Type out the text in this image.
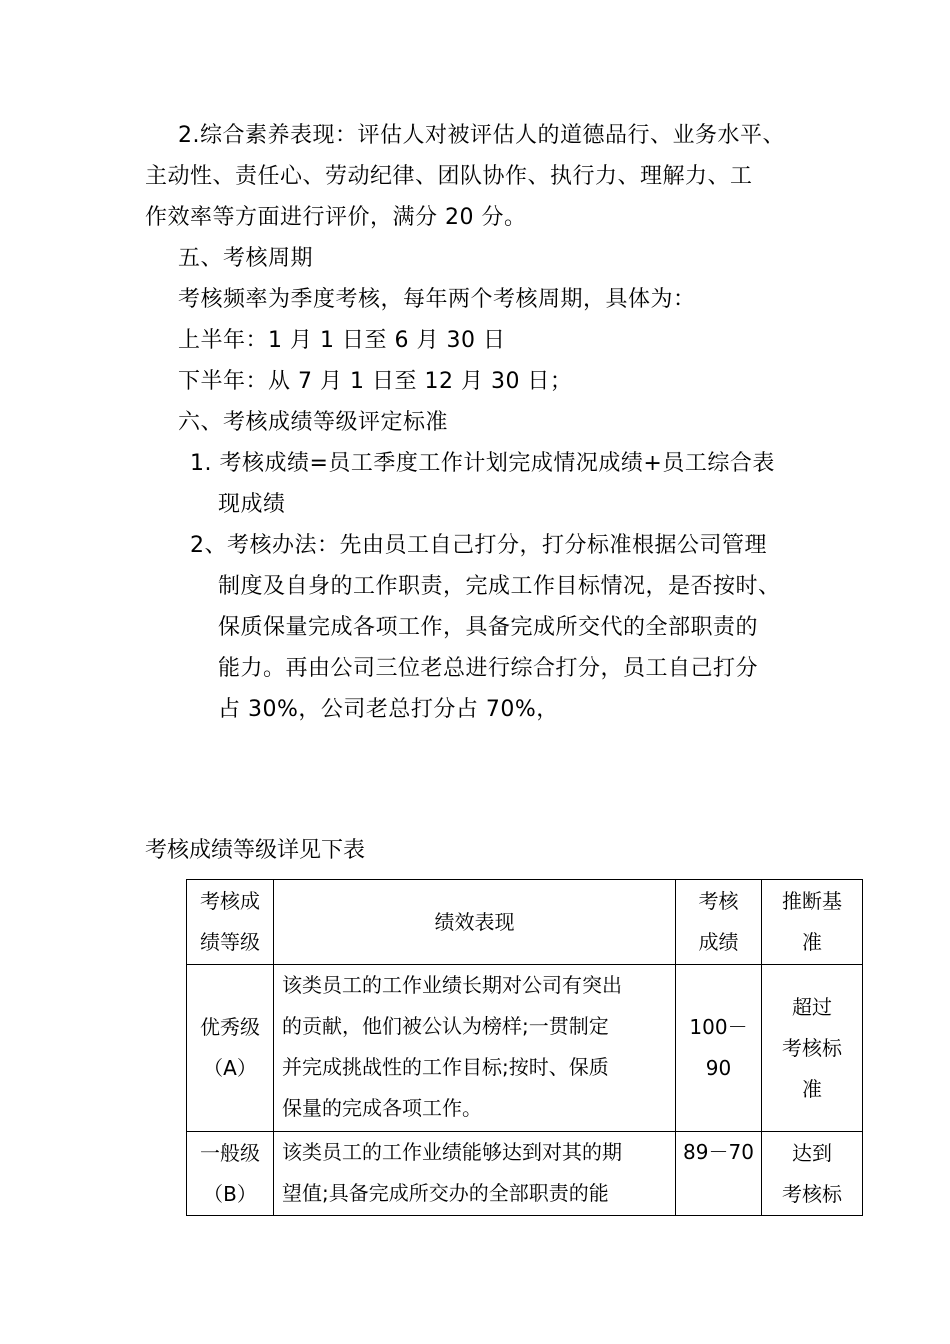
2.综合素养表现：评估人对被评估人的道德品行、业务水平、
主动性、责任心、劳动纪律、团队协作、执行力、理解力、工
作效率等方面进行评价，满分 20 分。
五、考核周期
考核频率为季度考核，每年两个考核周期，具体为：
上半年：1 月 1 日至 6 月 30 日
下半年：从 7 月 1 日至 12 月 30 日；
六、考核成绩等级评定标准
1. 考核成绩=员工季度工作计划完成情况成绩+员工综合表
现成绩
2、考核办法：先由员工自己打分，打分标准根据公司管理
制度及自身的工作职责，完成工作目标情况，是否按时、
保质保量完成各项工作，具备完成所交代的全部职责的
能力。再由公司三位老总进行综合打分，员工自己打分
占 30%，公司老总打分占 70%，
考核成绩等级详见下表
考核成
绩等级	绩效表现	考核
成绩	推断基
准

优秀级
（A）	该类员工的工作业绩长期对公司有突出
的贡献，他们被公认为榜样;一贯制定
并完成挑战性的工作目标;按时、保质
保量的完成各项工作。	100－
90	超过
考核标
准

一般级
（B）	该类员工的工作业绩能够达到对其的期
望值;具备完成所交办的全部职责的能	89－70	达到
考核标
